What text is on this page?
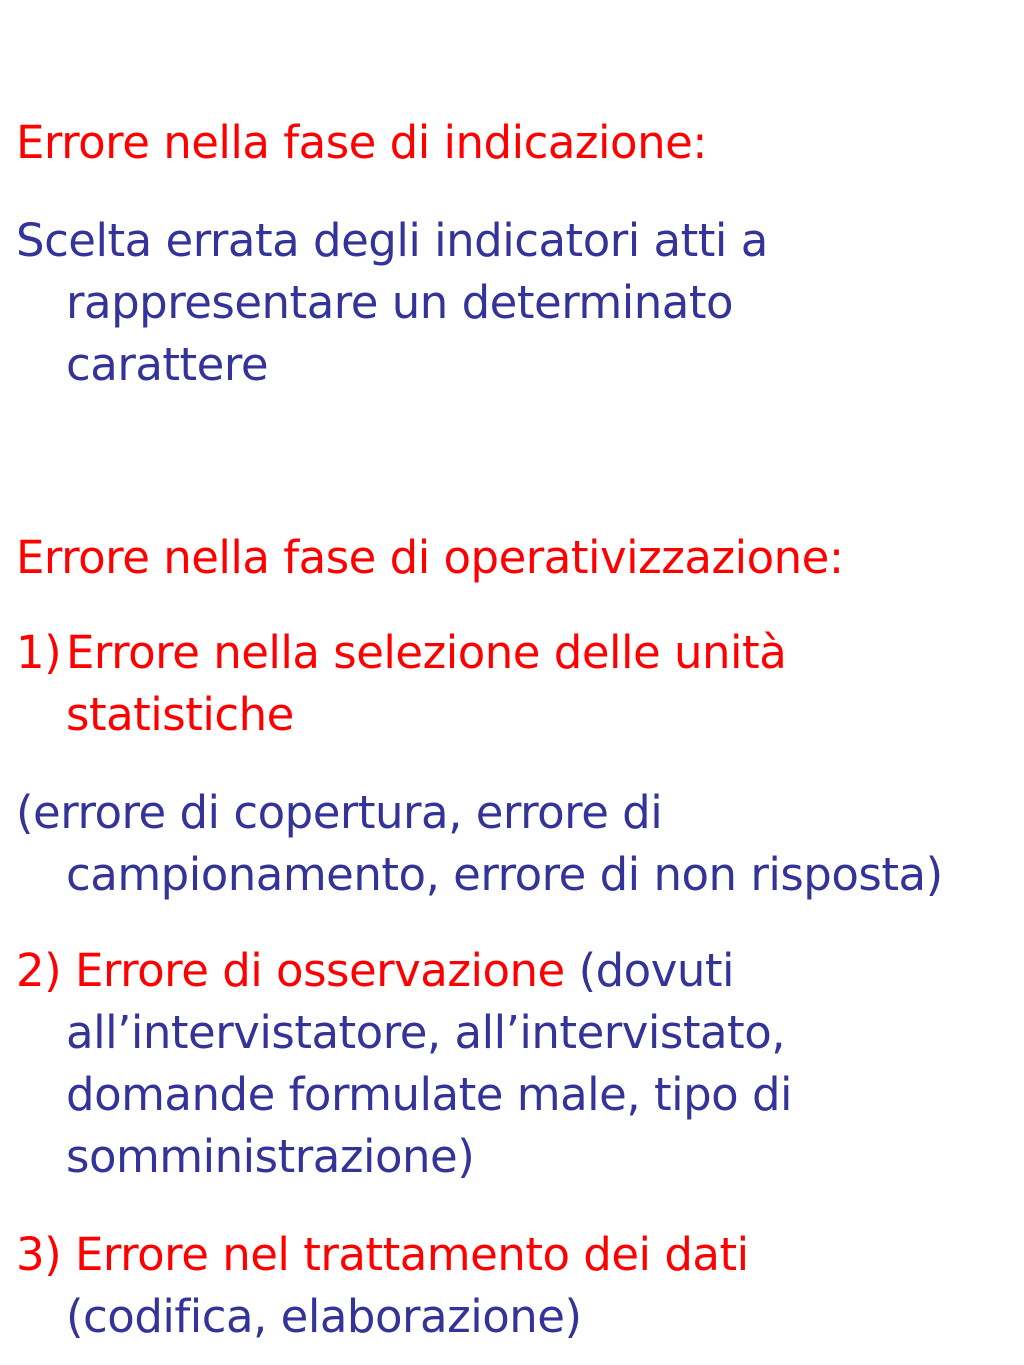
Errore nella fase di indicazione:
Scelta errata degli indicatori atti a
rappresentare un determinato
carattere
Errore nella fase di operativizzazione:
1) Errore nella selezione delle unità
statistiche
(errore di copertura, errore di
campionamento, errore di non risposta)
2) Errore di osservazione (dovuti
all’intervistatore, all’intervistato,
domande formulate male, tipo di
somministrazione)
3) Errore nel trattamento dei dati
(codifica, elaborazione)
